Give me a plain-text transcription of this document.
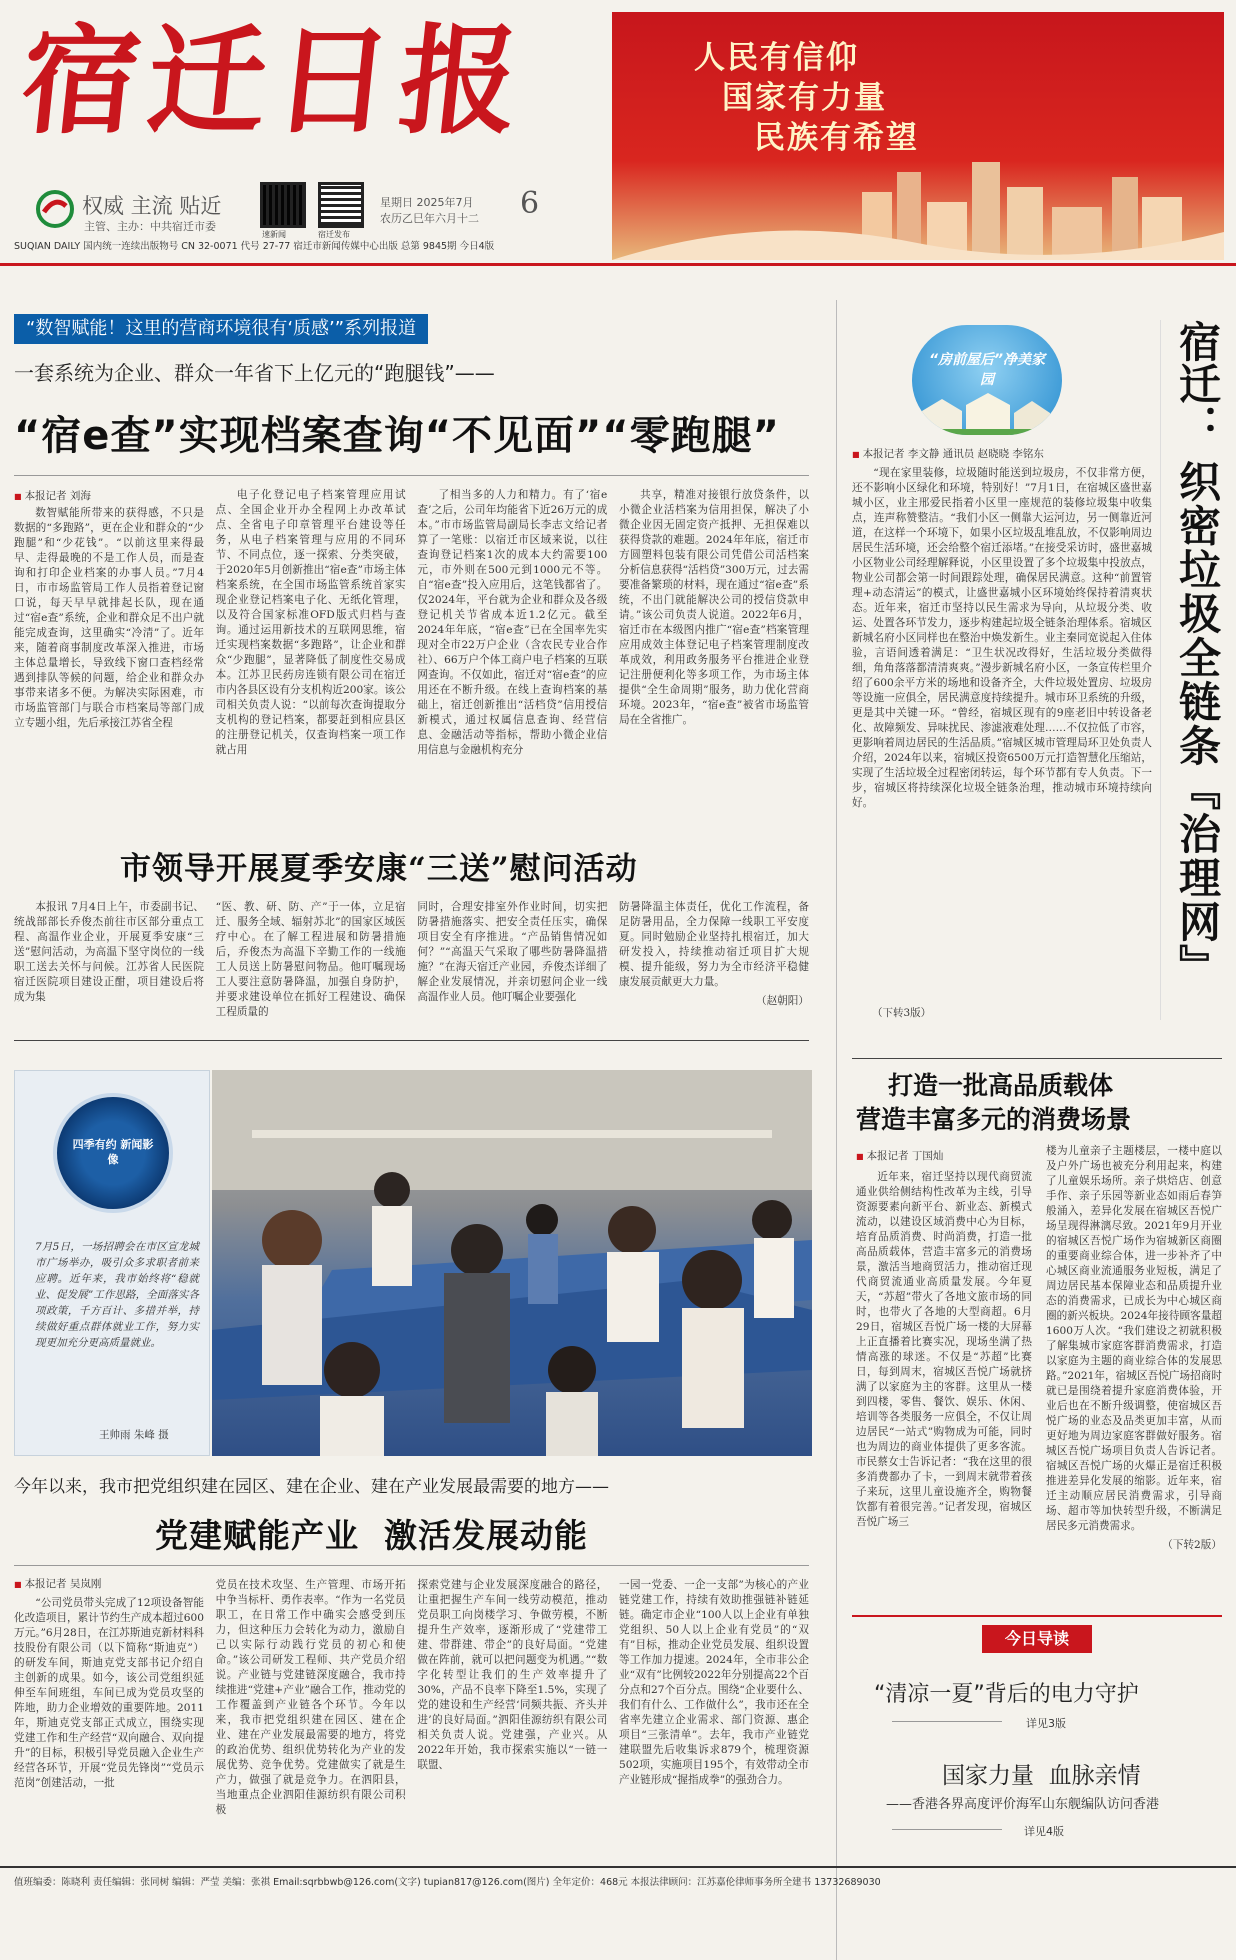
宿迁日报
权威 主流 贴近
主管、主办：中共宿迁市委
速新闻	宿迁发布
星期日 2025年7月
农历乙巳年六月十二 6
SUQIAN DAILY 国内统一连续出版物号 CN 32-0071 代号 27-77 宿迁市新闻传媒中心出版 总第 9845期 今日4版
人民有信仰
国家有力量
民族有希望
“数智赋能！这里的营商环境很有‘质感’”系列报道
一套系统为企业、群众一年省下上亿元的“跑腿钱”——
“宿e查”实现档案查询“不见面”“零跑腿”
■ 本报记者 刘海

数智赋能所带来的获得感，不只是数据的“多跑路”，更在企业和群众的“少跑腿”和“少花钱”。“以前这里来得最早、走得最晚的不是工作人员，而是查询和打印企业档案的办事人员。”7月4日，市市场监管局工作人员指着登记窗口说，每天早早就排起长队，现在通过“宿e查”系统，企业和群众足不出户就能完成查询，这里确实“冷清”了。近年来，随着商事制度改革深入推进，市场主体总量增长，导致线下窗口查档经常遇到排队等候的问题，给企业和群众办事带来诸多不便。为解决实际困难，市市场监管部门与联合市档案局等部门成立专题小组，先后承接江苏省全程

电子化登记电子档案管理应用试点、全国企业开办全程网上办改革试点、全省电子印章管理平台建设等任务，从电子档案管理与应用的不同环节、不同点位，逐一探索、分类突破，于2020年5月创新推出“宿e查”市场主体档案系统，在全国市场监管系统首家实现企业登记档案电子化、无纸化管理，以及符合国家标准OFD版式归档与查询。通过运用新技术的互联网思维，宿迁实现档案数据“多跑路”，让企业和群众“少跑腿”，显著降低了制度性交易成本。江苏卫民药房连锁有限公司在宿迁市内各县区设有分支机构近200家。该公司相关负责人说：“以前每次查询提取分支机构的登记档案，都要赶到相应县区的注册登记机关，仅查询档案一项工作就占用

了相当多的人力和精力。有了‘宿e查’之后，公司年均能省下近26万元的成本。”市市场监管局副局长李志文给记者算了一笔账：以宿迁市区域来说，以往查询登记档案1次的成本大约需要100元，市外则在500元到1000元不等。自“宿e查”投入应用后，这笔钱都省了。仅2024年，平台就为企业和群众及各级登记机关节省成本近1.2亿元。截至2024年年底，“宿e查”已在全国率先实现对全市22万户企业（含农民专业合作社）、66万户个体工商户电子档案的互联网查询。不仅如此，宿迁对“宿e查”的应用还在不断升级。在线上查询档案的基础上，宿迁创新推出“活档贷”信用授信新模式，通过权属信息查询、经营信息、金融活动等指标，帮助小微企业信用信息与金融机构充分

共享，精准对接银行放贷条件，以小微企业活档案为信用担保，解决了小微企业因无固定资产抵押、无担保难以获得贷款的难题。2024年年底，宿迁市方圆塑料包装有限公司凭借公司活档案分析信息获得“活档贷”300万元，过去需要准备繁琐的材料，现在通过“宿e查”系统，不出门就能解决公司的授信贷款申请。”该公司负责人说道。2022年6月，宿迁市在本级图内推广“宿e查”档案管理应用成效主体登记电子档案管理制度改革成效，利用政务服务平台推进企业登记注册便利化等多项工作，为市场主体提供“全生命周期”服务，助力优化营商环境。2023年，“宿e查”被省市场监管局在全省推广。

“房前屋后”净美家园	宿迁：
织密垃圾全链条『治理网』
■ 本报记者 李文静 通讯员 赵晓晓 李铭东

“现在家里装修，垃圾随时能送到垃圾房，不仅非常方便，还不影响小区绿化和环境，特别好！”7月1日，在宿城区盛世嘉城小区，业主邢爱民指着小区里一座规范的装修垃圾集中收集点，连声称赞整洁。“我们小区一侧靠大运河边，另一侧靠近河道，在这样一个环境下，如果小区垃圾乱堆乱放，不仅影响周边居民生活环境，还会给整个宿迁添堵。”在接受采访时，盛世嘉城小区物业公司经理解释说，小区里设置了多个垃圾集中投放点，物业公司都会第一时间跟踪处理，确保居民满意。这种“前置管理+动态清运”的模式，让盛世嘉城小区环境始终保持着清爽状态。近年来，宿迁市坚持以民生需求为导向，从垃圾分类、收运、处置各环节发力，逐步构建起垃圾全链条治理体系。宿城区新城名府小区同样也在整治中焕发新生。业主秦同宽说起入住体验，言语间透着满足：“卫生状况改得好，生活垃圾分类做得细，角角落落都清清爽爽。”漫步新城名府小区，一条宣传栏里介绍了600余平方米的场地和设备齐全，大件垃圾处置房、垃圾房等设施一应俱全，居民满意度持续提升。城市环卫系统的升级，更是其中关键一环。“曾经，宿城区现有的9座老旧中转设备老化、故障频发、异味扰民、渗滤液难处理……不仅拉低了市容，更影响着周边居民的生活品质。”宿城区城市管理局环卫处负责人介绍，2024年以来，宿城区投资6500万元打造智慧化压缩站，实现了生活垃圾全过程密闭转运，每个环节都有专人负责。下一步，宿城区将持续深化垃圾全链条治理，推动城市环境持续向好。

（下转3版）
市领导开展夏季安康“三送”慰问活动

本报讯 7月4日上午，市委副书记、统战部部长乔俊杰前往市区部分重点工程、高温作业企业，开展夏季安康“三送”慰问活动，为高温下坚守岗位的一线职工送去关怀与问候。江苏省人民医院宿迁医院项目建设正酣，项目建设后将成为集

“医、教、研、防、产”于一体，立足宿迁、服务全域、辐射苏北”的国家区域医疗中心。在了解工程进展和防暑措施后，乔俊杰为高温下辛勤工作的一线施工人员送上防暑慰问物品。他叮嘱现场工人要注意防暑降温，加强自身防护，并要求建设单位在抓好工程建设、确保工程质量的

同时，合理安排室外作业时间，切实把防暑措施落实、把安全责任压实，确保项目安全有序推进。“产品销售情况如何？”“高温天气采取了哪些防暑降温措施？”在海天宿迁产业园，乔俊杰详细了解企业发展情况，并亲切慰问企业一线高温作业人员。他叮嘱企业要强化

防暑降温主体责任，优化工作流程，备足防暑用品，全力保障一线职工平安度夏。同时勉励企业坚持扎根宿迁，加大研发投入，持续推动宿迁项目扩大规模、提升能级，努力为全市经济平稳健康发展贡献更大力量。

（赵朝阳）
四季有约 新闻影像
7月5日，一场招聘会在市区宣龙城市广场举办，吸引众多求职者前来应聘。近年来，我市始终将“稳就业、促发展”工作思路，全面落实各项政策，千方百计、多措并举，持续做好重点群体就业工作，努力实现更加充分更高质量就业。
王帅雨 朱峰 摄
今年以来，我市把党组织建在园区、建在企业、建在产业发展最需要的地方——
党建赋能产业  激活发展动能
■ 本报记者 吴岚刚

“公司党员带头完成了12项设备智能化改造项目，累计节约生产成本超过600万元。”6月28日，在江苏斯迪克新材料科技股份有限公司（以下简称“斯迪克”）的研发车间，斯迪克党支部书记介绍自主创新的成果。如今，该公司党组织延伸至车间班组，车间已成为党员攻坚的阵地，助力企业增效的重要阵地。2011年，斯迪克党支部正式成立，围绕实现党建工作和生产经营“双向融合、双向提升”的目标，积极引导党员融入企业生产经营各环节，开展“党员先锋岗”“党员示范岗”创建活动，一批

党员在技术攻坚、生产管理、市场开拓中争当标杆、勇作表率。“作为一名党员职工，在日常工作中确实会感受到压力，但这种压力会转化为动力，激励自己以实际行动践行党员的初心和使命。”该公司研发工程师、共产党员介绍说。产业链与党建链深度融合，我市持续推进“党建+产业”融合工作，推动党的工作覆盖到产业链各个环节。今年以来，我市把党组织建在园区、建在企业、建在产业发展最需要的地方，将党的政治优势、组织优势转化为产业的发展优势、竞争优势。党建做实了就是生产力，做强了就是竞争力。在泗阳县，当地重点企业泗阳佳源纺织有限公司积极

探索党建与企业发展深度融合的路径，让重把握生产车间一线劳动模范，推动党员职工向岗楼学习、争做劳模，不断提升生产效率，逐渐形成了“党建带工建、带群建、带企”的良好局面。“党建做在阵前，就可以把问题变为机遇。”“数字化转型让我们的生产效率提升了30%，产品不良率下降至1.5%，实现了党的建设和生产经营‘同频共振、齐头并进’的良好局面。”泗阳佳源纺织有限公司相关负责人说。党建强，产业兴。从2022年开始，我市探索实施以“一链一联盟、

一园一党委、一企一支部”为核心的产业链党建工作，持续有效助推强链补链延链。确定市企业“100人以上企业有单独党组织、50人以上企业有党员”的“双有”目标，推动企业党员发展、组织设置等工作加力提速。2024年，全市非公企业“双有”比例较2022年分别提高22个百分点和27个百分点。围绕“企业要什么、我们有什么、工作做什么”，我市还在全省率先建立企业需求、部门资源、惠企项目“三张清单”。去年，我市产业链党建联盟先后收集诉求879个，梳理资源502项，实施项目195个，有效带动全市产业链形成“握指成拳”的强劲合力。

打造一批高品质载体
营造丰富多元的消费场景
■ 本报记者 丁国灿

近年来，宿迁坚持以现代商贸流通业供给侧结构性改革为主线，引导资源要素向新平台、新业态、新模式流动，以建设区域消费中心为目标，培育品质消费、时尚消费，打造一批高品质载体，营造丰富多元的消费场景，激活当地商贸活力，推动宿迁现代商贸流通业高质量发展。今年夏天，“苏超”带火了各地文旅市场的同时，也带火了各地的大型商超。6月29日，宿城区吾悦广场一楼的大屏幕上正直播着比赛实况，现场坐满了热情高涨的球迷。不仅是“苏超”比赛日，每到周末，宿城区吾悦广场就挤满了以家庭为主的客群。这里从一楼到四楼，零售、餐饮、娱乐、休闲、培训等各类服务一应俱全，不仅让周边居民“一站式”购物成为可能，同时也为周边的商业体提供了更多客流。市民蔡女士告诉记者：“我在这里的很多消费都办了卡，一到周末就带着孩子来玩，这里儿童设施齐全，购物餐饮都有着很完善。”记者发现，宿城区吾悦广场三

楼为儿童亲子主题楼层，一楼中庭以及户外广场也被充分利用起来，构建了儿童娱乐场所。亲子烘焙店、创意手作、亲子乐园等新业态如雨后春笋般涌入，差异化发展在宿城区吾悦广场呈现得淋漓尽致。2021年9月开业的宿城区吾悦广场作为宿城新区商圈的重要商业综合体，进一步补齐了中心城区商业流通服务业短板，满足了周边居民基本保障业态和品质提升业态的消费需求，已成长为中心城区商圈的新兴板块。2024年接待顾客量超1600万人次。“我们建设之初就积极了解集城市家庭客群消费需求，打造以家庭为主题的商业综合体的发展思路。”2021年，宿城区吾悦广场招商时就已是围绕着提升家庭消费体验，开业后也在不断升级调整，使宿城区吾悦广场的业态及品类更加丰富，从而更好地为周边家庭客群做好服务。宿城区吾悦广场项目负责人告诉记者。宿城区吾悦广场的火爆正是宿迁积极推进差异化发展的缩影。近年来，宿迁主动顺应居民消费需求，引导商场、超市等加快转型升级，不断满足居民多元消费需求。

（下转2版）
今日导读
“清凉一夏”背后的电力守护
详见3版
国家力量  血脉亲情
——香港各界高度评价海军山东舰编队访问香港
详见4版
值班编委：陈晓利 责任编辑：张同树 编辑：严莹 美编：张祺 Email:sqrbbwb@126.com(文字) tupian817@126.com(图片) 全年定价：468元 本报法律顾问：江苏嘉伦律师事务所全建书 13732689030
